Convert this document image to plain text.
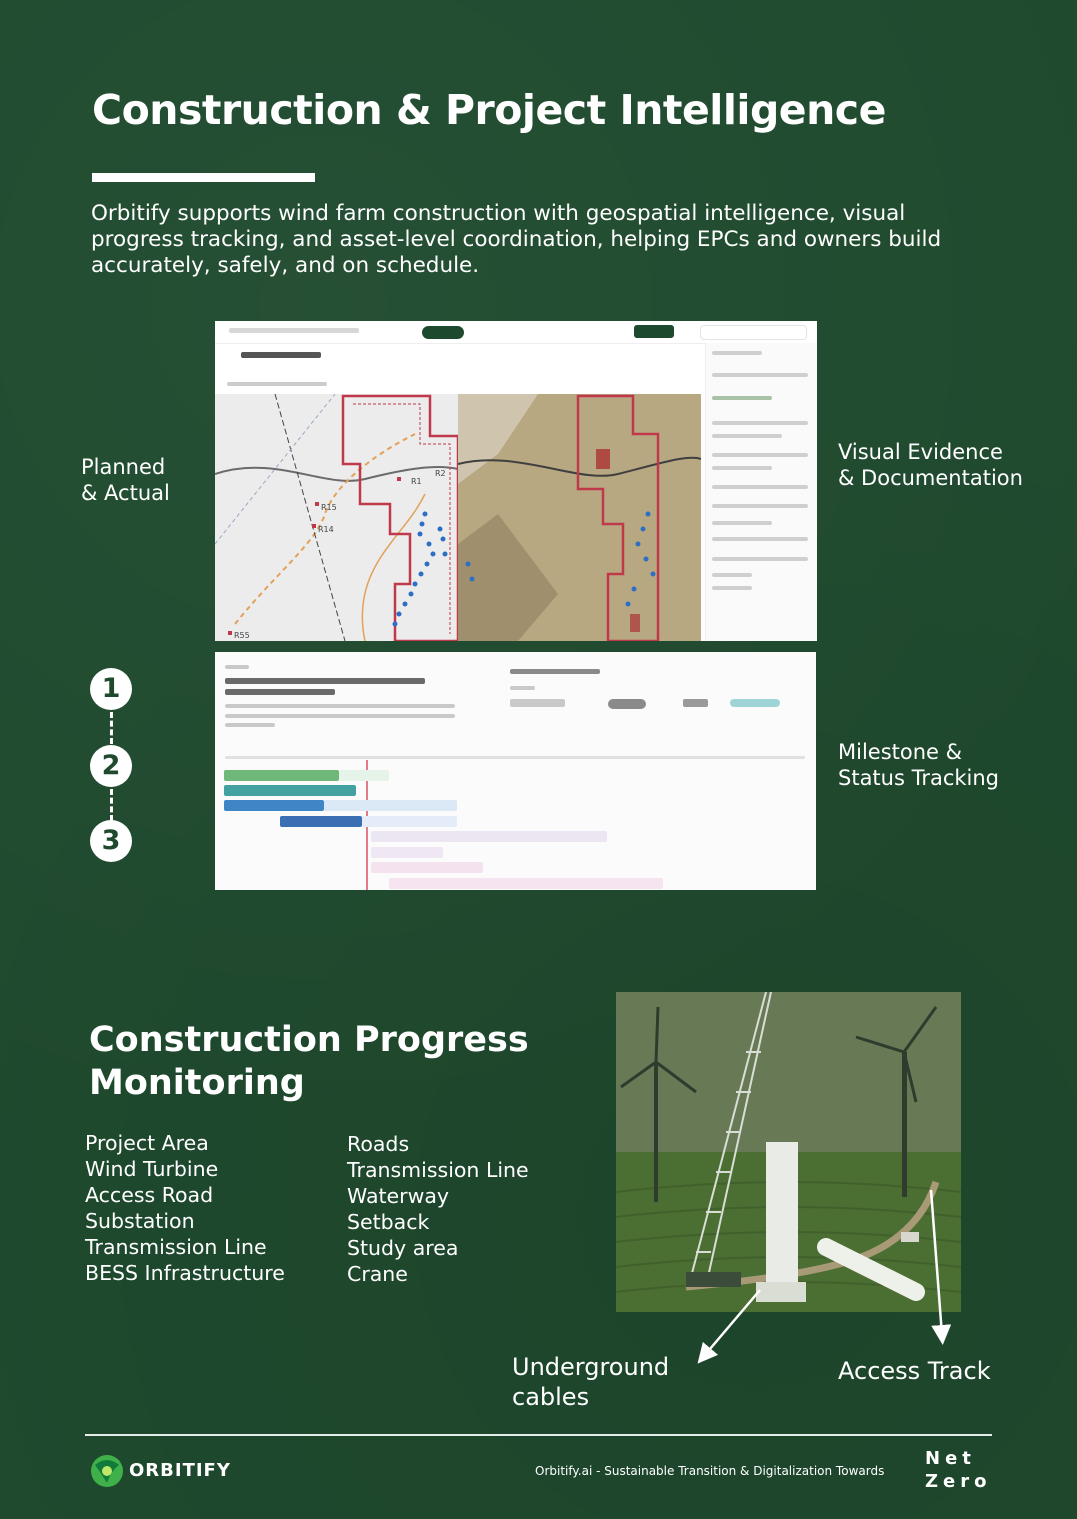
Construction & Project Intelligence
Orbitify supports wind farm construction with geospatial intelligence, visual
progress tracking, and asset-level coordination, helping EPCs and owners build
accurately, safely, and on schedule.
Planned
& Actual
Visual Evidence
& Documentation
Milestone &
Status Tracking
R1
R2
R15
R14
R55
1
2
3
Construction Progress
Monitoring
Project Area
Wind Turbine
Access Road
Substation
Transmission Line
BESS Infrastructure
Roads
Transmission Line
Waterway
Setback
Study area
Crane
Underground
cables
Access Track
ORBITIFY	Orbitify.ai - Sustainable Transition & Digitalization Towards
Net
Zero
